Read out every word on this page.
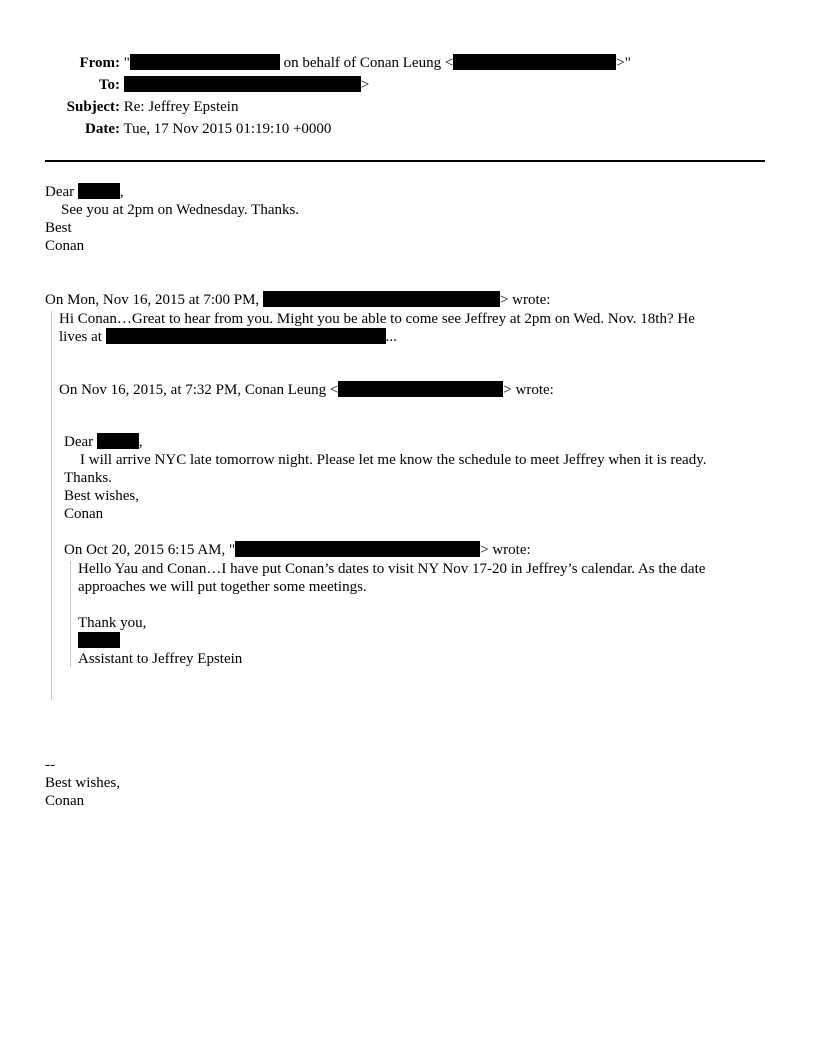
From: "	on behalf of Conan Leung <	>"
To:	>
Subject: Re: Jeffrey Epstein
Date: Tue, 17 Nov 2015 01:19:10 +0000
Dear	,
See you at 2pm on Wednesday. Thanks.
Best
Conan
On Mon, Nov 16, 2015 at 7:00 PM,	> wrote:
Hi Conan…Great to hear from you. Might you be able to come see Jeffrey at 2pm on Wed. Nov. 18th? He
lives at	...
On Nov 16, 2015, at 7:32 PM, Conan Leung <	> wrote:
Dear	,
I will arrive NYC late tomorrow night. Please let me know the schedule to meet Jeffrey when it is ready.
Thanks.
Best wishes,
Conan
On Oct 20, 2015 6:15 AM, "	> wrote:
Hello Yau and Conan…I have put Conan’s dates to visit NY Nov 17-20 in Jeffrey’s calendar. As the date
approaches we will put together some meetings.
Thank you,
Assistant to Jeffrey Epstein
--
Best wishes,
Conan
